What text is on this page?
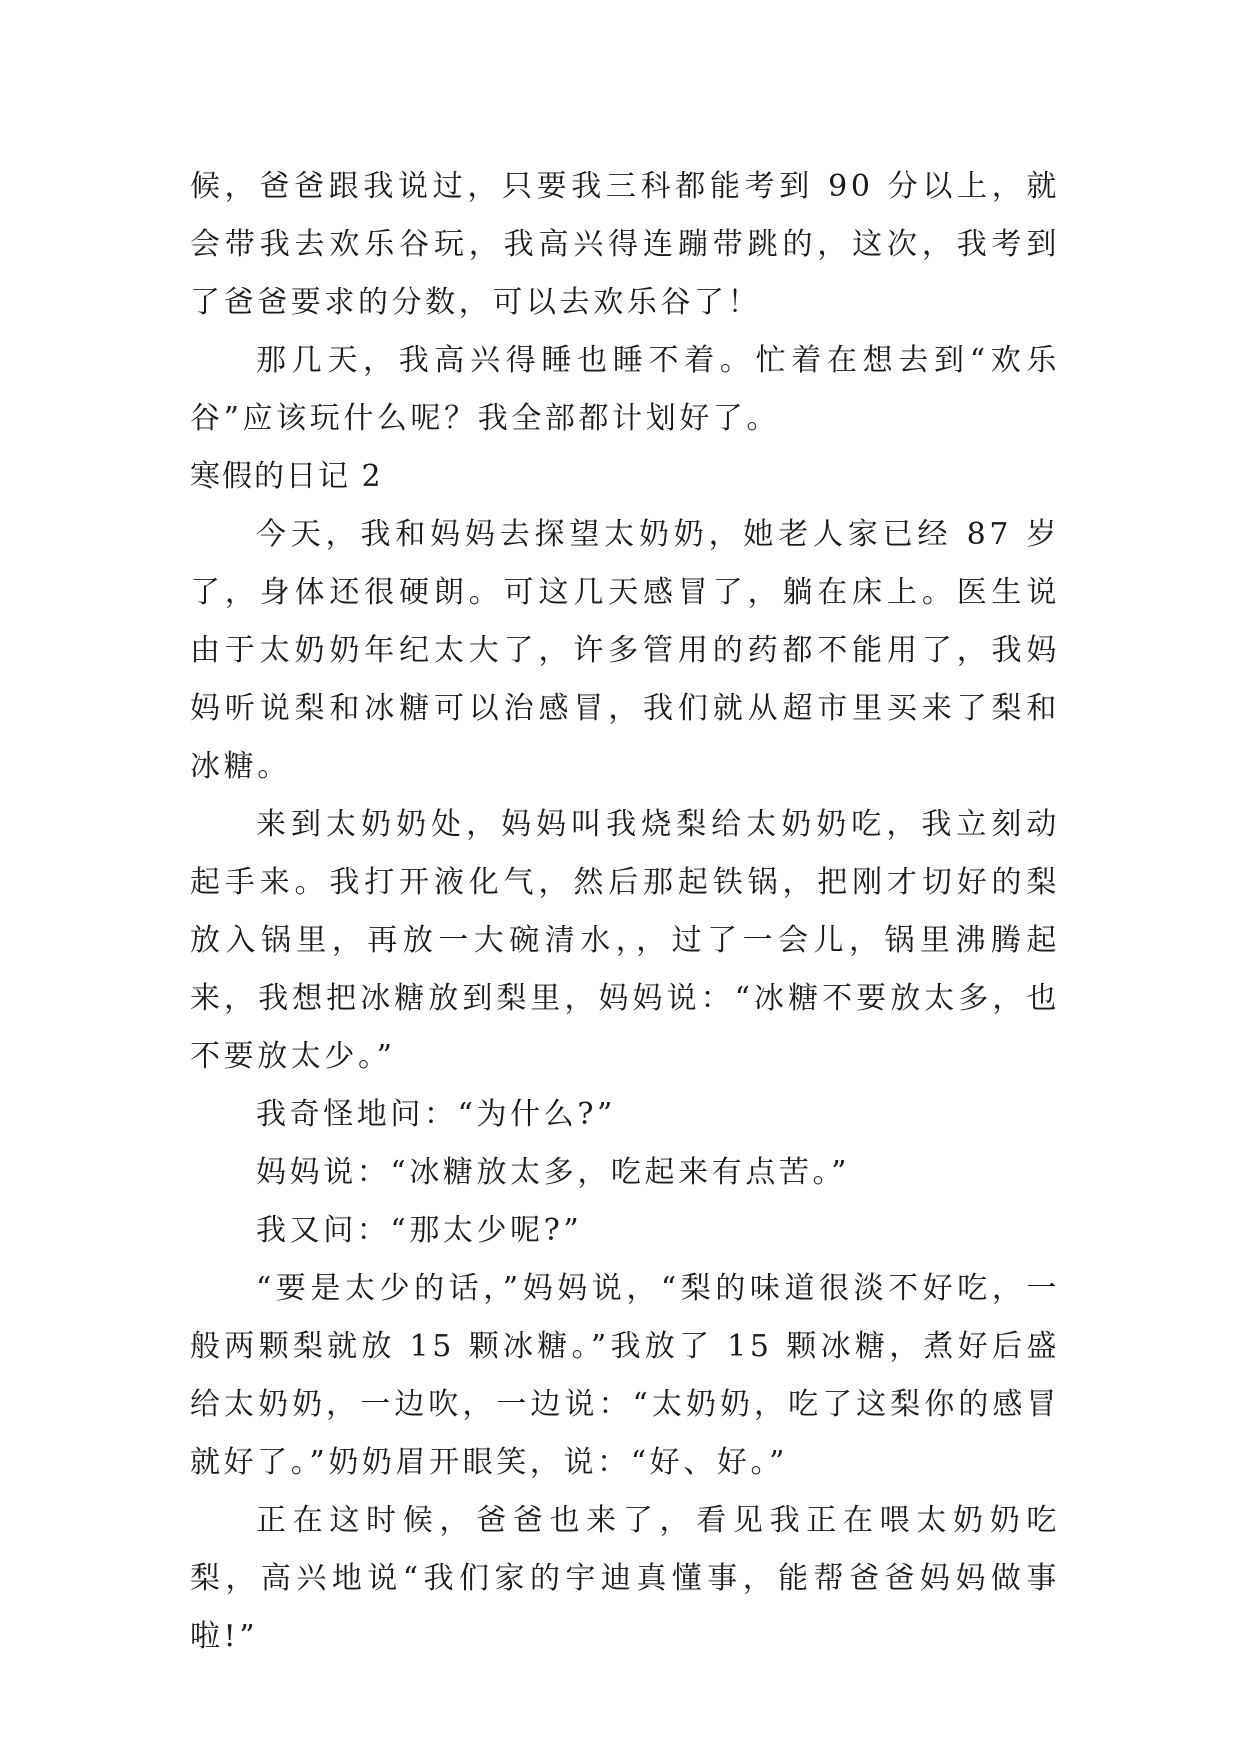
候，爸爸跟我说过，只要我三科都能考到 90 分以上，就会带我去欢乐谷玩，我高兴得连蹦带跳的，这次，我考到了爸爸要求的分数，可以去欢乐谷了！

那几天，我高兴得睡也睡不着。忙着在想去到“欢乐谷”应该玩什么呢？我全部都计划好了。

寒假的日记 2

今天，我和妈妈去探望太奶奶，她老人家已经 87 岁了，身体还很硬朗。可这几天感冒了，躺在床上。医生说由于太奶奶年纪太大了，许多管用的药都不能用了，我妈妈听说梨和冰糖可以治感冒，我们就从超市里买来了梨和冰糖。

来到太奶奶处，妈妈叫我烧梨给太奶奶吃，我立刻动起手来。我打开液化气，然后那起铁锅，把刚才切好的梨放入锅里，再放一大碗清水，，过了一会儿，锅里沸腾起来，我想把冰糖放到梨里，妈妈说：“冰糖不要放太多，也不要放太少。”

我奇怪地问：“为什么?”

妈妈说：“冰糖放太多，吃起来有点苦。”

我又问：“那太少呢?”

“要是太少的话，”妈妈说，“梨的味道很淡不好吃，一般两颗梨就放 15 颗冰糖。”我放了 15 颗冰糖，煮好后盛给太奶奶，一边吹，一边说：“太奶奶，吃了这梨你的感冒就好了。”奶奶眉开眼笑，说：“好、好。”

正在这时候，爸爸也来了，看见我正在喂太奶奶吃梨，高兴地说“我们家的宇迪真懂事，能帮爸爸妈妈做事啦!”
